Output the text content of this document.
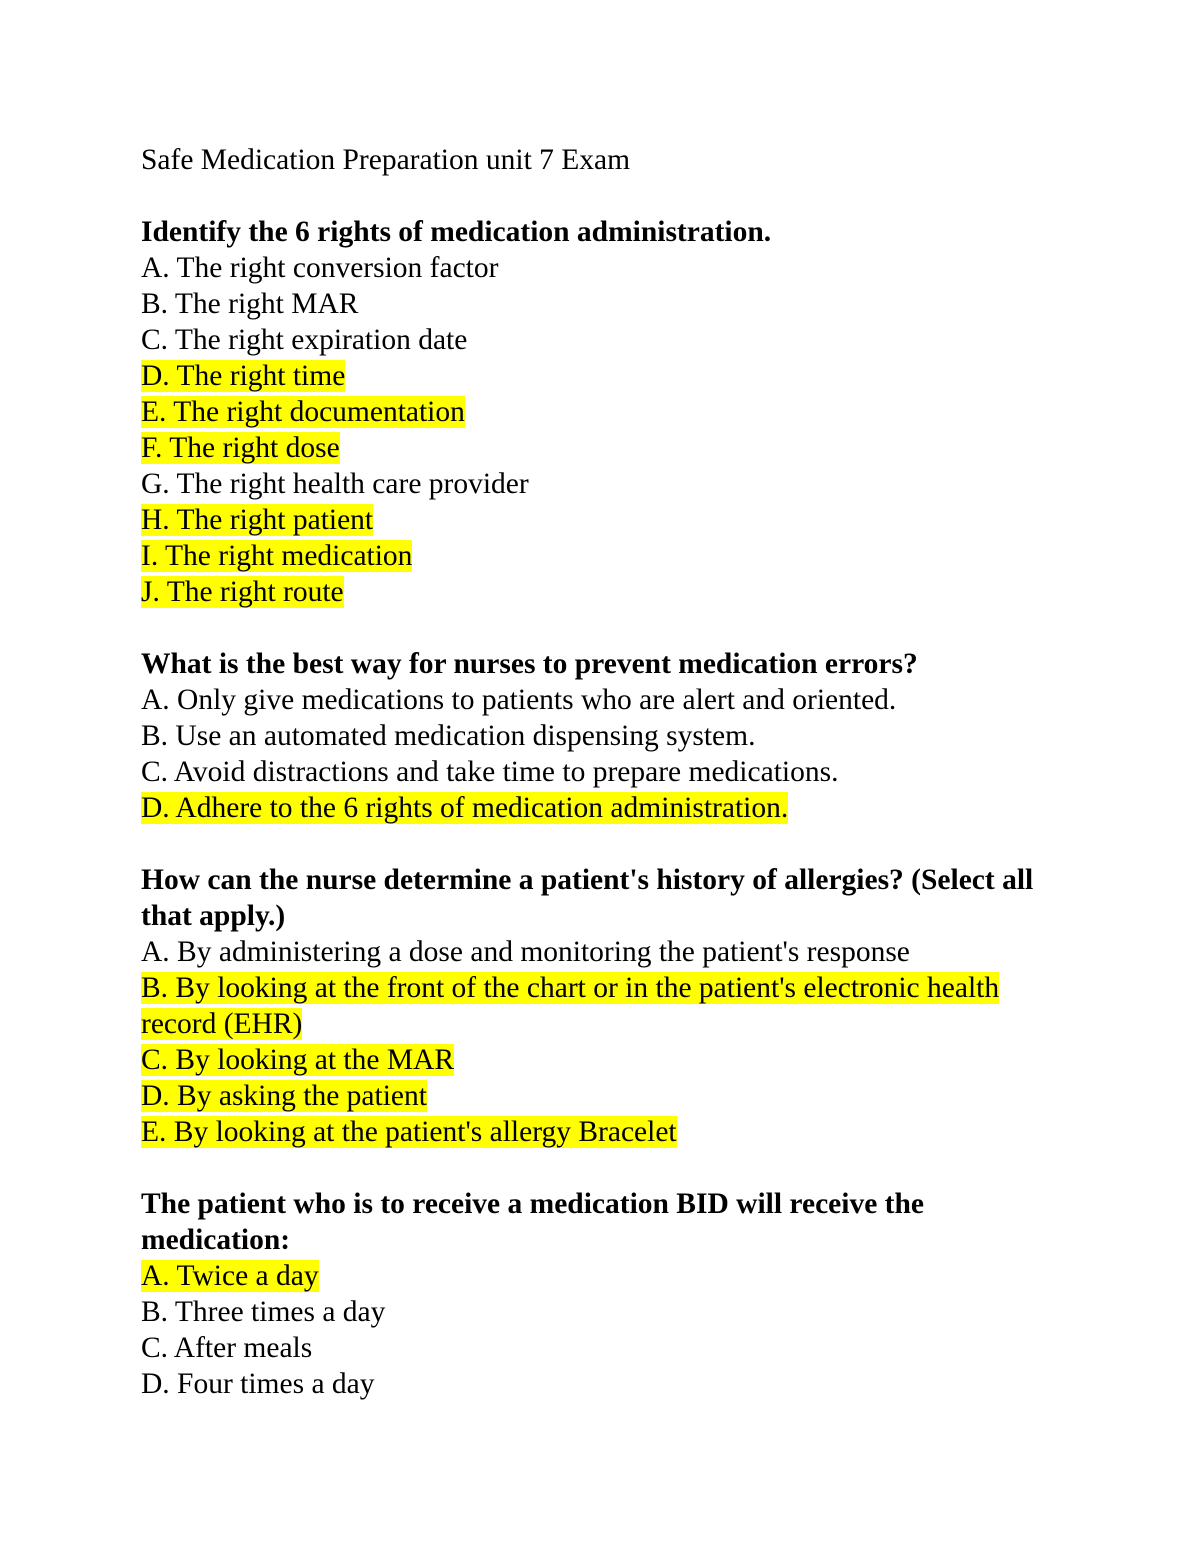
Safe Medication Preparation unit 7 Exam
Identify the 6 rights of medication administration.
A. The right conversion factor
B. The right MAR
C. The right expiration date
D. The right time
E. The right documentation
F. The right dose
G. The right health care provider
H. The right patient
I. The right medication
J. The right route
What is the best way for nurses to prevent medication errors?
A. Only give medications to patients who are alert and oriented.
B. Use an automated medication dispensing system.
C. Avoid distractions and take time to prepare medications.
D. Adhere to the 6 rights of medication administration.
How can the nurse determine a patient's history of allergies? (Select all that apply.)
A. By administering a dose and monitoring the patient's response
B. By looking at the front of the chart or in the patient's electronic health record (EHR)
C. By looking at the MAR
D. By asking the patient
E. By looking at the patient's allergy Bracelet
The patient who is to receive a medication BID will receive the medication:
A. Twice a day
B. Three times a day
C. After meals
D. Four times a day
